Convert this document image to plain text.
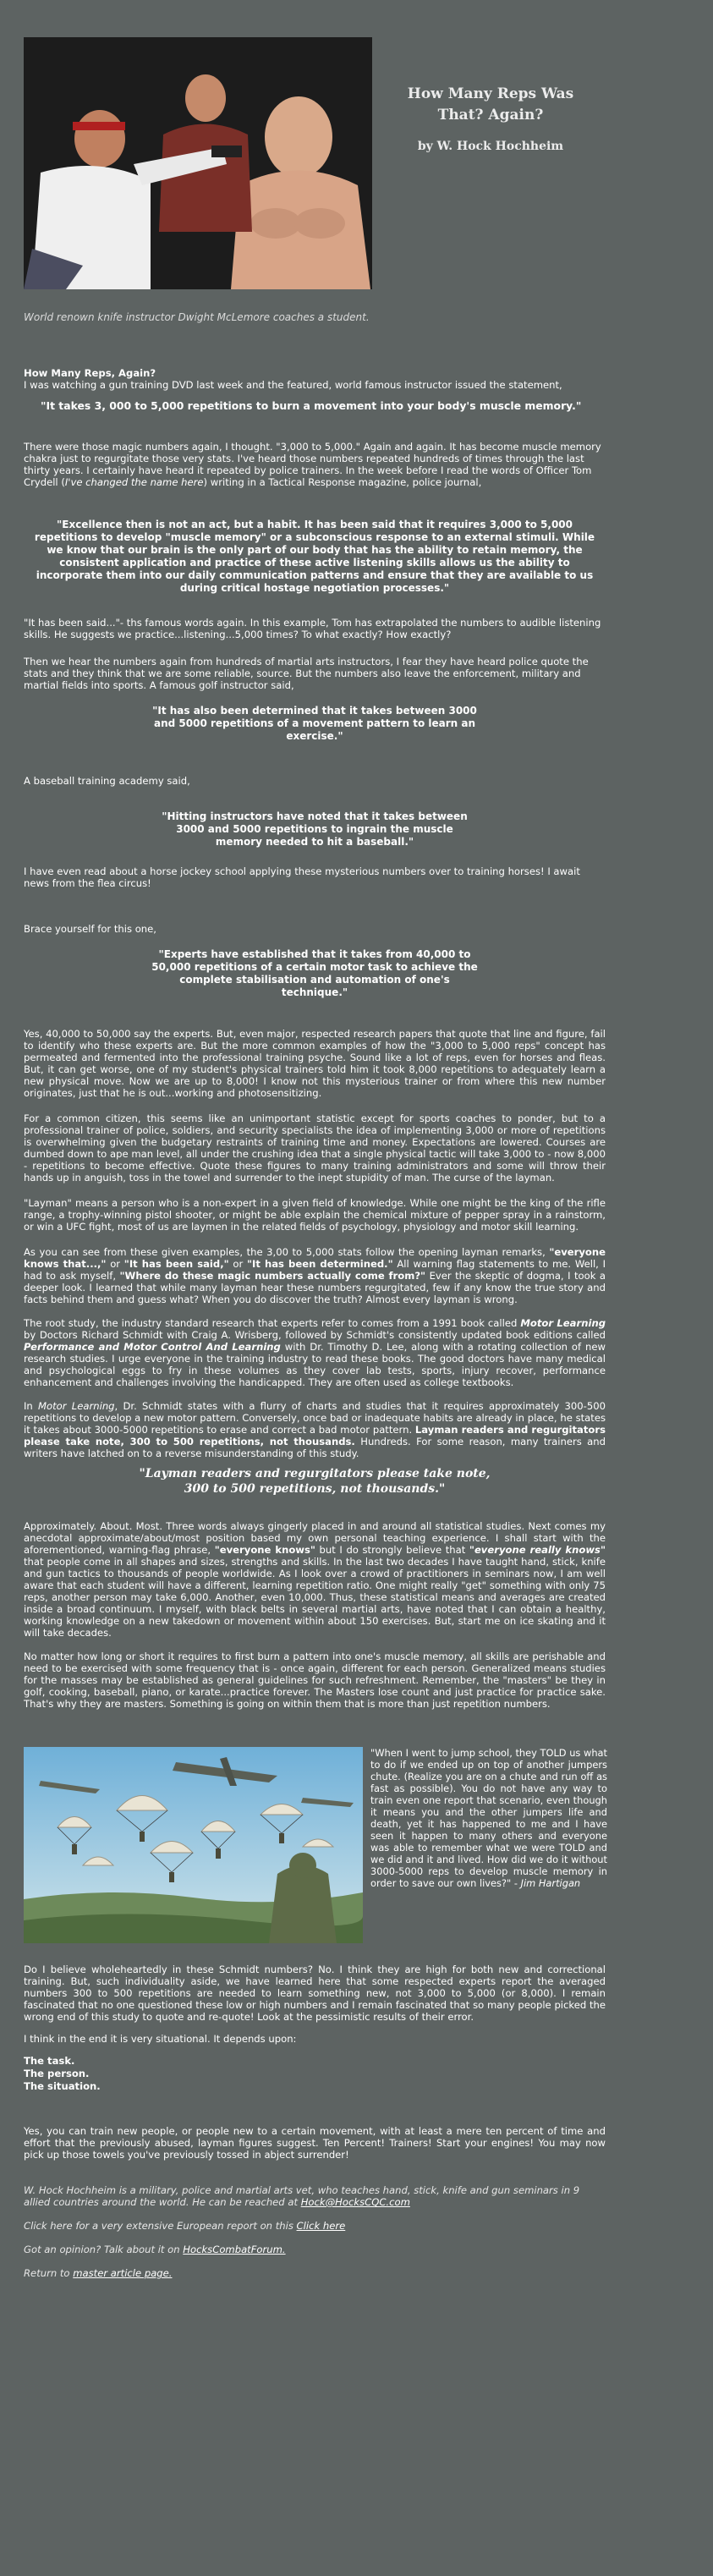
How Many Reps Was That? Again?
by W. Hock Hochheim

World renown knife instructor Dwight McLemore coaches a student.

How Many Reps, Again?

I was watching a gun training DVD last week and the featured, world famous instructor issued the statement,

"It takes 3, 000 to 5,000 repetitions to burn a movement into your body's muscle memory."

There were those magic numbers again, I thought. "3,000 to 5,000." Again and again. It has become muscle memory chakra just to regurgitate those very stats. I've heard those numbers repeated hundreds of times through the last thirty years. I certainly have heard it repeated by police trainers. In the week before I read the words of Officer Tom Crydell (I've changed the name here) writing in a Tactical Response magazine, police journal,

"Excellence then is not an act, but a habit. It has been said that it requires 3,000 to 5,000 repetitions to develop "muscle memory" or a subconscious response to an external stimuli. While we know that our brain is the only part of our body that has the ability to retain memory, the consistent application and practice of these active listening skills allows us the ability to incorporate them into our daily communication patterns and ensure that they are available to us during critical hostage negotiation processes."

"It has been said..."- ths famous words again. In this example, Tom has extrapolated the numbers to audible listening skills. He suggests we practice...listening...5,000 times? To what exactly? How exactly?

Then we hear the numbers again from hundreds of martial arts instructors, I fear they have heard police quote the stats and they think that we are some reliable, source. But the numbers also leave the enforcement, military and martial fields into sports. A famous golf instructor said,

"It has also been determined that it takes between 3000 and 5000 repetitions of a movement pattern to learn an exercise."

A baseball training academy said,

"Hitting instructors have noted that it takes between 3000 and 5000 repetitions to ingrain the muscle memory needed to hit a baseball."

I have even read about a horse jockey school applying these mysterious numbers over to training horses! I await news from the flea circus!

Brace yourself for this one,

"Experts have established that it takes from 40,000 to 50,000 repetitions of a certain motor task to achieve the complete stabilisation and automation of one's technique."

Yes, 40,000 to 50,000 say the experts. But, even major, respected research papers that quote that line and figure, fail to identify who these experts are. But the more common examples of how the "3,000 to 5,000 reps" concept has permeated and fermented into the professional training psyche. Sound like a lot of reps, even for horses and fleas. But, it can get worse, one of my student's physical trainers told him it took 8,000 repetitions to adequately learn a new physical move. Now we are up to 8,000! I know not this mysterious trainer or from where this new number originates, just that he is out...working and photosensitizing.

For a common citizen, this seems like an unimportant statistic except for sports coaches to ponder, but to a professional trainer of police, soldiers, and security specialists the idea of implementing 3,000 or more of repetitions is overwhelming given the budgetary restraints of training time and money. Expectations are lowered. Courses are dumbed down to ape man level, all under the crushing idea that a single physical tactic will take 3,000 to - now 8,000 - repetitions to become effective. Quote these figures to many training administrators and some will throw their hands up in anguish, toss in the towel and surrender to the inept stupidity of man. The curse of the layman.

"Layman" means a person who is a non-expert in a given field of knowledge. While one might be the king of the rifle range, a trophy-winning pistol shooter, or might be able explain the chemical mixture of pepper spray in a rainstorm, or win a UFC fight, most of us are laymen in the related fields of psychology, physiology and motor skill learning.

As you can see from these given examples, the 3,00 to 5,000 stats follow the opening layman remarks, "everyone knows that...," or "It has been said," or "It has been determined." All warning flag statements to me. Well, I had to ask myself, "Where do these magic numbers actually come from?" Ever the skeptic of dogma, I took a deeper look. I learned that while many layman hear these numbers regurgitated, few if any know the true story and facts behind them and guess what? When you do discover the truth? Almost every layman is wrong.

The root study, the industry standard research that experts refer to comes from a 1991 book called Motor Learning by Doctors Richard Schmidt with Craig A. Wrisberg, followed by Schmidt's consistently updated book editions called Performance and Motor Control And Learning with Dr. Timothy D. Lee, along with a rotating collection of new research studies. I urge everyone in the training industry to read these books. The good doctors have many medical and psychological eggs to fry in these volumes as they cover lab tests, sports, injury recover, performance enhancement and challenges involving the handicapped. They are often used as college textbooks.

In Motor Learning, Dr. Schmidt states with a flurry of charts and studies that it requires approximately 300-500 repetitions to develop a new motor pattern. Conversely, once bad or inadequate habits are already in place, he states it takes about 3000-5000 repetitions to erase and correct a bad motor pattern. Layman readers and regurgitators please take note, 300 to 500 repetitions, not thousands. Hundreds. For some reason, many trainers and writers have latched on to a reverse misunderstanding of this study.

"Layman readers and regurgitators please take note, 300 to 500 repetitions, not thousands."

Approximately. About. Most. Three words always gingerly placed in and around all statistical studies. Next comes my anecdotal approximate/about/most position based my own personal teaching experience. I shall start with the aforementioned, warning-flag phrase, "everyone knows" but I do strongly believe that "everyone really knows" that people come in all shapes and sizes, strengths and skills. In the last two decades I have taught hand, stick, knife and gun tactics to thousands of people worldwide. As I look over a crowd of practitioners in seminars now, I am well aware that each student will have a different, learning repetition ratio. One might really "get" something with only 75 reps, another person may take 6,000. Another, even 10,000. Thus, these statistical means and averages are created inside a broad continuum. I myself, with black belts in several martial arts, have noted that I can obtain a healthy, working knowledge on a new takedown or movement within about 150 exercises. But, start me on ice skating and it will take decades.

No matter how long or short it requires to first burn a pattern into one's muscle memory, all skills are perishable and need to be exercised with some frequency that is - once again, different for each person. Generalized means studies for the masses may be established as general guidelines for such refreshment. Remember, the "masters" be they in golf, cooking, baseball, piano, or karate...practice forever. The Masters lose count and just practice for practice sake. That's why they are masters. Something is going on within them that is more than just repetition numbers.

"When I went to jump school, they TOLD us what to do if we ended up on top of another jumpers chute. (Realize you are on a chute and run off as fast as possible). You do not have any way to train even one report that scenario, even though it means you and the other jumpers life and death, yet it has happened to me and I have seen it happen to many others and everyone was able to remember what we were TOLD and we did and it and lived. How did we do it without 3000-5000 reps to develop muscle memory in order to save our own lives?" - Jim Hartigan

Do I believe wholeheartedly in these Schmidt numbers? No. I think they are high for both new and correctional training. But, such individuality aside, we have learned here that some respected experts report the averaged numbers 300 to 500 repetitions are needed to learn something new, not 3,000 to 5,000 (or 8,000). I remain fascinated that no one questioned these low or high numbers and I remain fascinated that so many people picked the wrong end of this study to quote and re-quote! Look at the pessimistic results of their error.

I think in the end it is very situational. It depends upon:

The task.
The person.
The situation.

Yes, you can train new people, or people new to a certain movement, with at least a mere ten percent of time and effort that the previously abused, layman figures suggest. Ten Percent! Trainers! Start your engines! You may now pick up those towels you've previously tossed in abject surrender!

W. Hock Hochheim is a military, police and martial arts vet, who teaches hand, stick, knife and gun seminars in 9 allied countries around the world. He can be reached at Hock@HocksCQC.com

Click here for a very extensive European report on this Click here

Got an opinion? Talk about it on HocksCombatForum.

Return to master article page.
